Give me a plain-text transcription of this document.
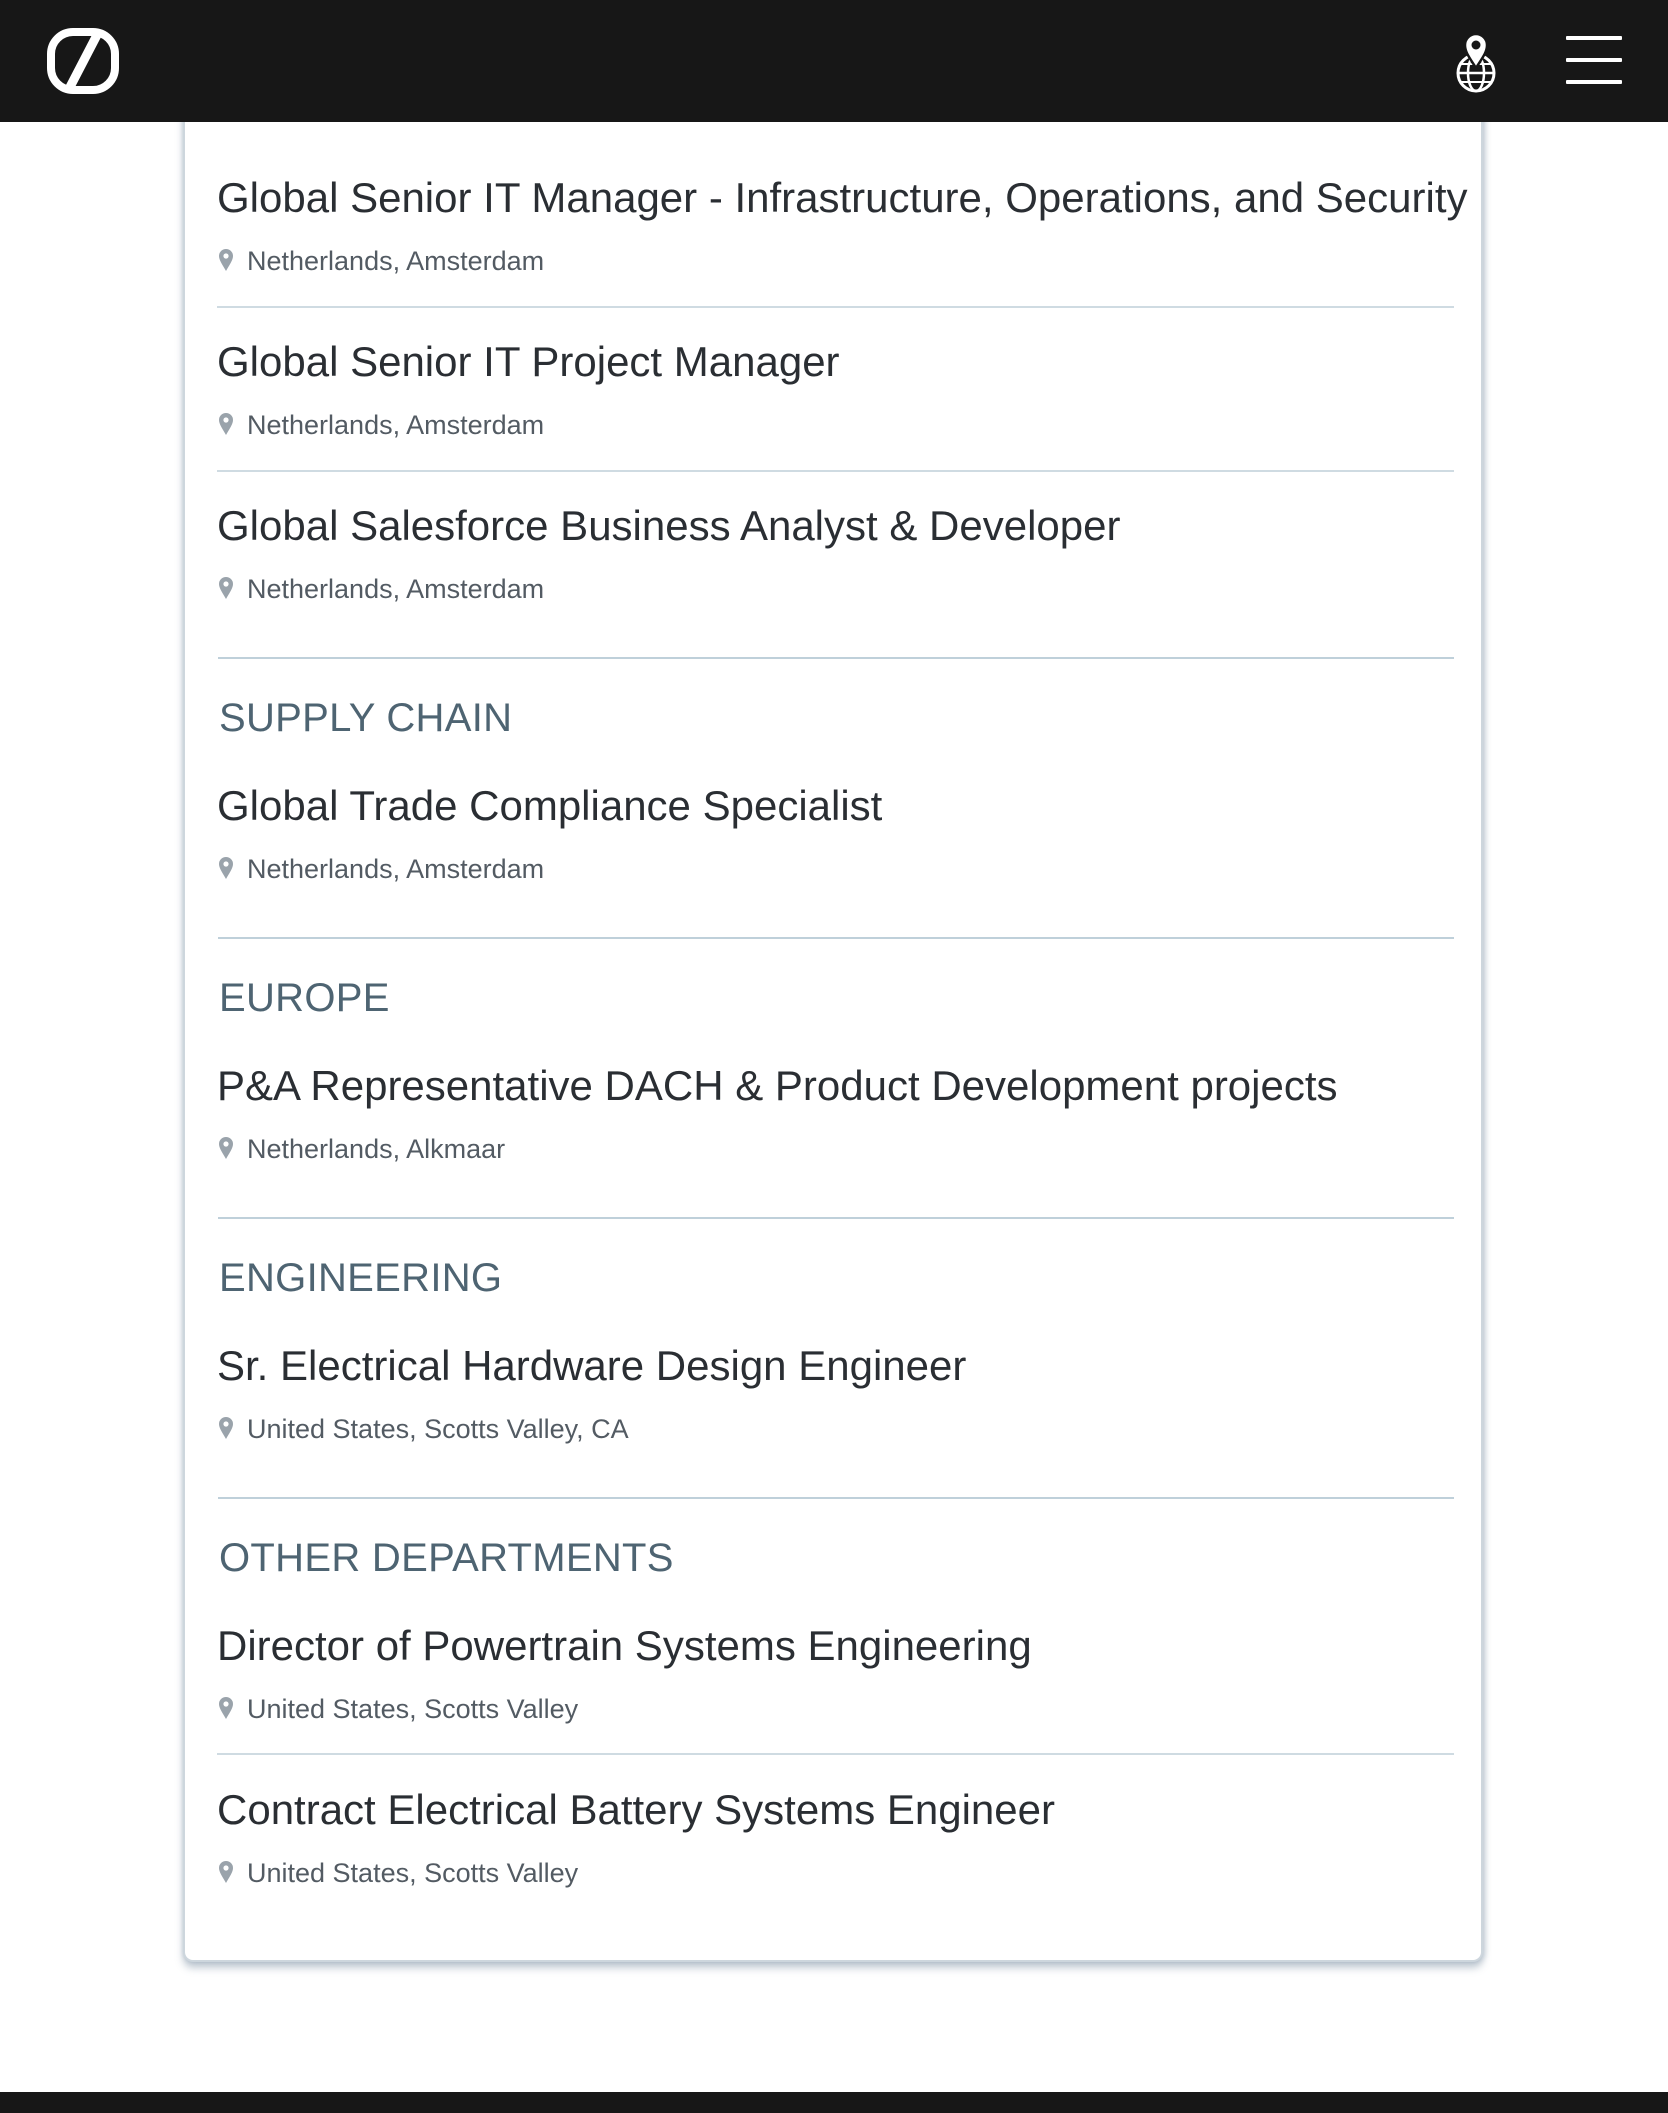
Global Senior IT Manager - Infrastructure, Operations, and Security
Netherlands, Amsterdam
Global Senior IT Project Manager
Netherlands, Amsterdam
Global Salesforce Business Analyst & Developer
Netherlands, Amsterdam
SUPPLY CHAIN
Global Trade Compliance Specialist
Netherlands, Amsterdam
EUROPE
P&A Representative DACH & Product Development projects
Netherlands, Alkmaar
ENGINEERING
Sr. Electrical Hardware Design Engineer
United States, Scotts Valley, CA
OTHER DEPARTMENTS
Director of Powertrain Systems Engineering
United States, Scotts Valley
Contract Electrical Battery Systems Engineer
United States, Scotts Valley
